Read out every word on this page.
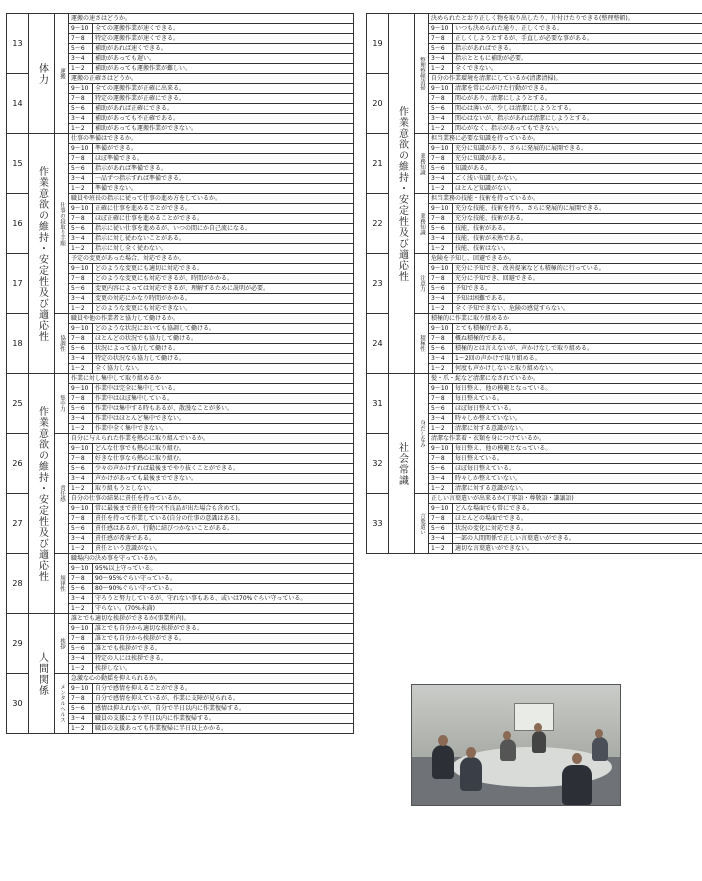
13	体力	運搬	運搬の速さはどうか。	
			9〜10	全ての運搬作業が速くできる。
			7〜8	特定の運搬作業が速くできる。
			5〜6	補助があれば速くできる。
			3〜4	補助があっても遅い。
			1〜2	補助があっても運搬作業が難しい。
14			運搬の正確さはどうか。	
			9〜10	全ての運搬作業が正確に出来る。
			7〜8	特定の運搬作業が正確にできる。
			5〜6	補助があれば正確にできる。
			3〜4	補助があっても不正確である。
			1〜2	補助があっても運搬作業ができない。
15	作業意欲の維持・安定性及び適応性	仕事の段取り手順	仕事の準備はできるか。	
			9〜10	準備ができる。
			7〜8	ほぼ準備できる。
			5〜6	指示があれば準備できる。
			3〜4	一品ずつ指示すれば準備できる。
			1〜2	準備できない。
16			職員や班長の指示に従って仕事の進め方をしているか。	
			9〜10	正確に仕事を進めることができる。
			7〜8	ほぼ正確に仕事を進めることができる。
			5〜6	指示に従い仕事を進めるが、いつの間にか自己流になる。
			3〜4	指示に対し従わないことがある。
			1〜2	指示に対し全く従わない。
17			予定の変更があった場合、対応できるか。	
			9〜10	どのような変更にも適切に対応できる。
			7〜8	どのような変更にも対応できるが、時間がかかる。
			5〜6	変更内容によっては対応できるが、理解するために説明が必要。
			3〜4	変更の対応にかなり時間がかかる。
			1〜2	どのような変更にも対応できない。
18		協調性	職員や他の作業者と協力して働けるか。	
			9〜10	どのような状況においても協調して働ける。
			7〜8	ほとんどの状況でも協力して働ける。
			5〜6	状況によって協力して働ける。
			3〜4	特定の状況なら協力して働ける。
			1〜2	全く協力しない。
25	作業意欲の維持・安定性及び適応性	集中力	作業に対し集中して取り組めるか	
			9〜10	作業中は完全に集中している。
			7〜8	作業中はほぼ集中している。
			5〜6	作業中は集中する時もあるが、散漫なことが多い。
			3〜4	作業中はほとんど集中できない。
			1〜2	作業中全く集中できない。
26		責任感	自分に与えられた作業を熱心に取り組んでいるか。	
			9〜10	どんな仕事でも熱心に取り組む。
			7〜8	好きな仕事なら熱心に取り組む。
			5〜6	少々の声かけすれば最後までやり抜くことができる。
			3〜4	声かけがあっても最後までできない。
			1〜2	取り組もうとしない。
27			自分の仕事の結果に責任を持っているか。	
			9〜10	常に最後まで責任を持つ(不良品が出た場合も含めて)。
			7〜8	責任を持って作業している(自分の仕事の意識はある)。
			5〜6	責任感はあるが、行動に結びつかないことがある。
			3〜4	責任感が希薄である。
			1〜2	責任という意識がない。
28		規律性	職場内の決め事を守っているか。	
			9〜10	95%以上守っている。
			7〜8	90〜95%ぐらい守っている。
			5〜6	80〜90%ぐらい守っている。
			3〜4	守ろうと努力しているが、守れない事もある、或いは70%ぐらい守っている。
			1〜2	守らない。(70%未満)
29	人間関係	挨拶	誰とでも適切な挨拶ができるか(事業所内)。	
			9〜10	誰とでも自分から適切な挨拶ができる。
			7〜8	誰とでも自分から挨拶ができる。
			5〜6	誰とでも挨拶ができる。
			3〜4	特定の人には挨拶できる。
			1〜2	挨拶しない。
30		メンタルヘルス	急激な心の動揺を抑えられるか。	
			9〜10	自分で感情を抑えることができる。
			7〜8	自分で感情を抑えているが、作業に支障が見られる。
			5〜6	感情は抑えれないが、自分で半日以内に作業復帰する。
			3〜4	職員の支援により半日以内に作業復帰する。
			1〜2	職員の支援あっても作業復帰に半日以上かかる。
19	作業意欲の維持・安定性及び適応性	整理整頓清掃	決められたとおり正しく物を取り出したり、片付けたりできる(整理整頓)。	
			9〜10	いつも決められた通り、正しくできる。
			7〜8	正しくしようとするが、手直しが必要な事がある。
			5〜6	指示があればできる。
			3〜4	指示とともに補助が必要。
			1〜2	全くできない。
20			自分の作業環境を清潔にしているか(清潔清掃)。	
			9〜10	清潔を常に心がけた行動ができる。
			7〜8	関心があり、清潔にしようとする。
			5〜6	関心は薄いが、少しは清潔にしようとする。
			3〜4	関心はないが、指示があれば清潔にしようとする。
			1〜2	関心がなく、指示があってもできない。
21		業務知識	担当業務に必要な知識を持っているか。	
			9〜10	充分に知識があり、さらに発展的に展開できる。
			7〜8	充分に知識がある。
			5〜6	知識がある。
			3〜4	ごく浅い知識しかない。
			1〜2	ほとんど知識がない。
22		業務知識	担当業務の技能・技術を持っているか。	
			9〜10	充分な技能、技術を持ち、さらに発展的に展開できる。
			7〜8	充分な技能、技術がある。
			5〜6	技能、技術がある。
			3〜4	技能、技術が未熟である。
			1〜2	技能、技術はない。
23		注意力	危険を予知し、回避できるか。	
			9〜10	充分に予知でき、改善提案なども積極的に行っている。
			7〜8	充分に予知でき、回避できる。
			5〜6	予知できる。
			3〜4	予知は困難である。
			1〜2	全く予知できない、危険の感覚すらない。
24		積極性	積極的に作業に取り組めるか	
			9〜10	とても積極的である。
			7〜8	概ね積極的である。
			5〜6	積極的とは言えないが、声かけなしで取り組める。
			3〜4	1〜2回の声かけで取り組める。
			1〜2	何度も声かけしないと取り組めない。
31	社会常識	身だしなみ	髪・爪・髭など清潔になされているか。	
			9〜10	毎日整え、他の模範となっている。
			7〜8	毎日整えている。
			5〜6	ほぼ毎日整えている。
			3〜4	時々しか整えていない。
			1〜2	清潔に対する意識がない。
32			清潔な作業着・衣類を身につけているか。	
			9〜10	毎日整え、他の模範となっている。
			7〜8	毎日整えている。
			5〜6	ほぼ毎日整えている。
			3〜4	時々しか整えていない。
			1〜2	清潔に対する意識がない。
33		言葉遣い	正しい言葉遣いが出来るか(丁寧語・尊敬語・謙譲語)	
			9〜10	どんな場面でも常にできる。
			7〜8	ほとんどの場面でできる。
			5〜6	状況の変化に対応できる。
			3〜4	一部の人間関係で正しい言葉遣いができる。
			1〜2	適切な言葉遣いができない。
